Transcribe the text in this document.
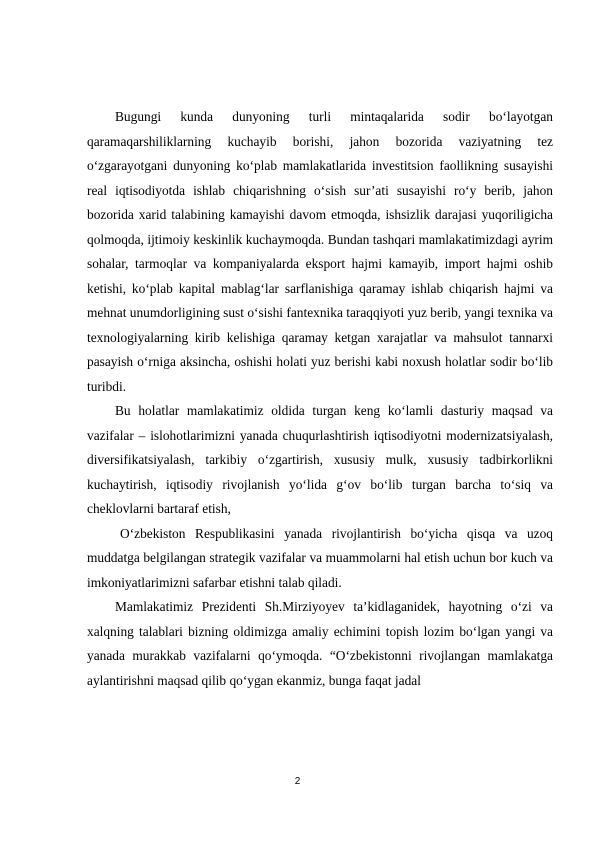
Bugungi kunda dunyoning turli mintaqalarida sodir bo‘layotgan qaramaqarshiliklarning kuchayib borishi, jahon bozorida vaziyatning tez o‘zgarayotgani dunyoning ko‘plab mamlakatlarida investitsion faollikning susayishi real iqtisodiyotda ishlab chiqarishning o‘sish sur’ati susayishi ro‘y berib, jahon bozorida xarid talabining kamayishi davom etmoqda, ishsizlik darajasi yuqoriligicha qolmoqda, ijtimoiy keskinlik kuchaymoqda. Bundan tashqari mamlakatimizdagi ayrim sohalar, tarmoqlar va kompaniyalarda eksport hajmi kamayib, import hajmi oshib ketishi, ko‘plab kapital mablag‘lar sarflanishiga qaramay ishlab chiqarish hajmi va mehnat unumdorligining sust o‘sishi fantexnika taraqqiyoti yuz berib, yangi texnika va texnologiyalarning kirib kelishiga qaramay ketgan xarajatlar va mahsulot tannarxi pasayish o‘rniga aksincha, oshishi holati yuz berishi kabi noxush holatlar sodir bo‘lib turibdi.

Bu holatlar mamlakatimiz oldida turgan keng ko‘lamli dasturiy maqsad va vazifalar – islohotlarimizni yanada chuqurlashtirish iqtisodiyotni modernizatsiyalash, diversifikatsiyalash, tarkibiy o‘zgartirish, xususiy mulk, xususiy tadbirkorlikni kuchaytirish, iqtisodiy rivojlanish yo‘lida g‘ov bo‘lib turgan barcha to‘siq va cheklovlarni bartaraf etish,

O‘zbekiston Respublikasini yanada rivojlantirish bo‘yicha qisqa va uzoq muddatga belgilangan strategik vazifalar va muammolarni hal etish uchun bor kuch va imkoniyatlarimizni safarbar etishni talab qiladi.

Mamlakatimiz Prezidenti Sh.Mirziyoyev ta’kidlaganidek, hayotning o‘zi va xalqning talablari bizning oldimizga amaliy echimini topish lozim bo‘lgan yangi va yanada murakkab vazifalarni qo‘ymoqda. “O‘zbekistonni rivojlangan mamlakatga aylantirishni maqsad qilib qo‘ygan ekanmiz, bunga faqat jadal

2
